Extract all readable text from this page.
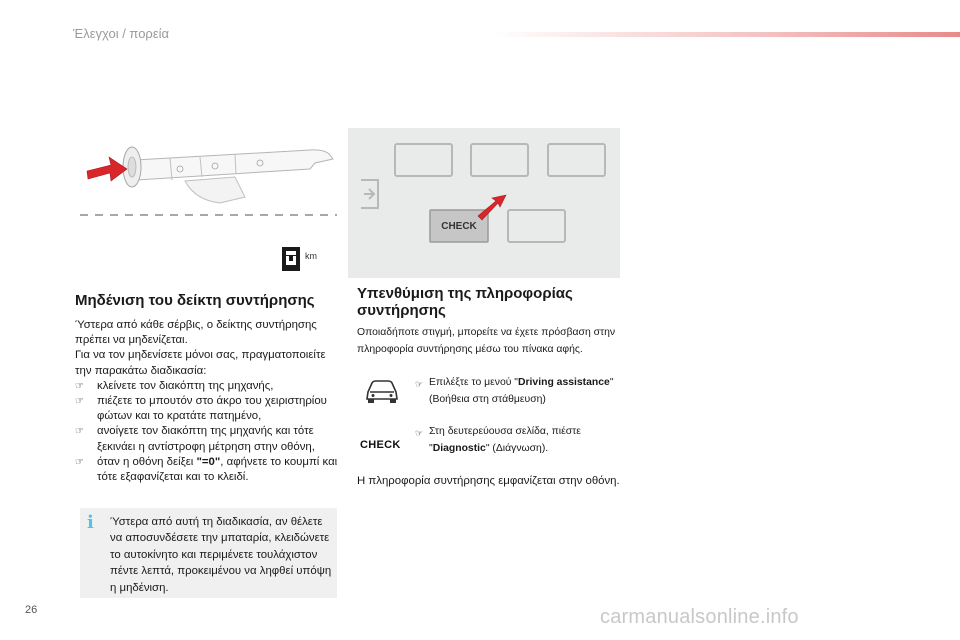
Έλεγχοι / πορεία
km
CHECK
Μηδένιση του δείκτη συντήρησης

Ύστερα από κάθε σέρβις, ο δείκτης συντήρησης πρέπει να μηδενίζεται.

Για να τον μηδενίσετε μόνοι σας, πραγματοποιείτε την παρακάτω διαδικασία:

☞ κλείνετε τον διακόπτη της μηχανής,
☞ πιέζετε το μπουτόν στο άκρο του χειριστηρίου φώτων και το κρατάτε πατημένο,
☞ ανοίγετε τον διακόπτη της μηχανής και τότε ξεκινάει η αντίστροφη μέτρηση στην οθόνη,
☞ όταν η οθόνη δείξει "=0", αφήνετε το κουμπί και τότε εξαφανίζεται και το κλειδί.
i Ύστερα από αυτή τη διαδικασία, αν θέλετε να αποσυνδέσετε την μπαταρία, κλειδώνετε το αυτοκίνητο και περιμένετε τουλάχιστον πέντε λεπτά, προκειμένου να ληφθεί υπόψη η μηδένιση.
Υπενθύμιση της πληροφορίας συντήρησης
Οποιαδήποτε στιγμή, μπορείτε να έχετε πρόσβαση στην πληροφορία συντήρησης μέσω του πίνακα αφής.
☞ Επιλέξτε το μενού "Driving assistance" (Βοήθεια στη στάθμευση)
CHECK
☞ Στη δευτερεύουσα σελίδα, πιέστε "Diagnostic" (Διάγνωση).
Η πληροφορία συντήρησης εμφανίζεται στην οθόνη.
26	carmanualsonline.info
